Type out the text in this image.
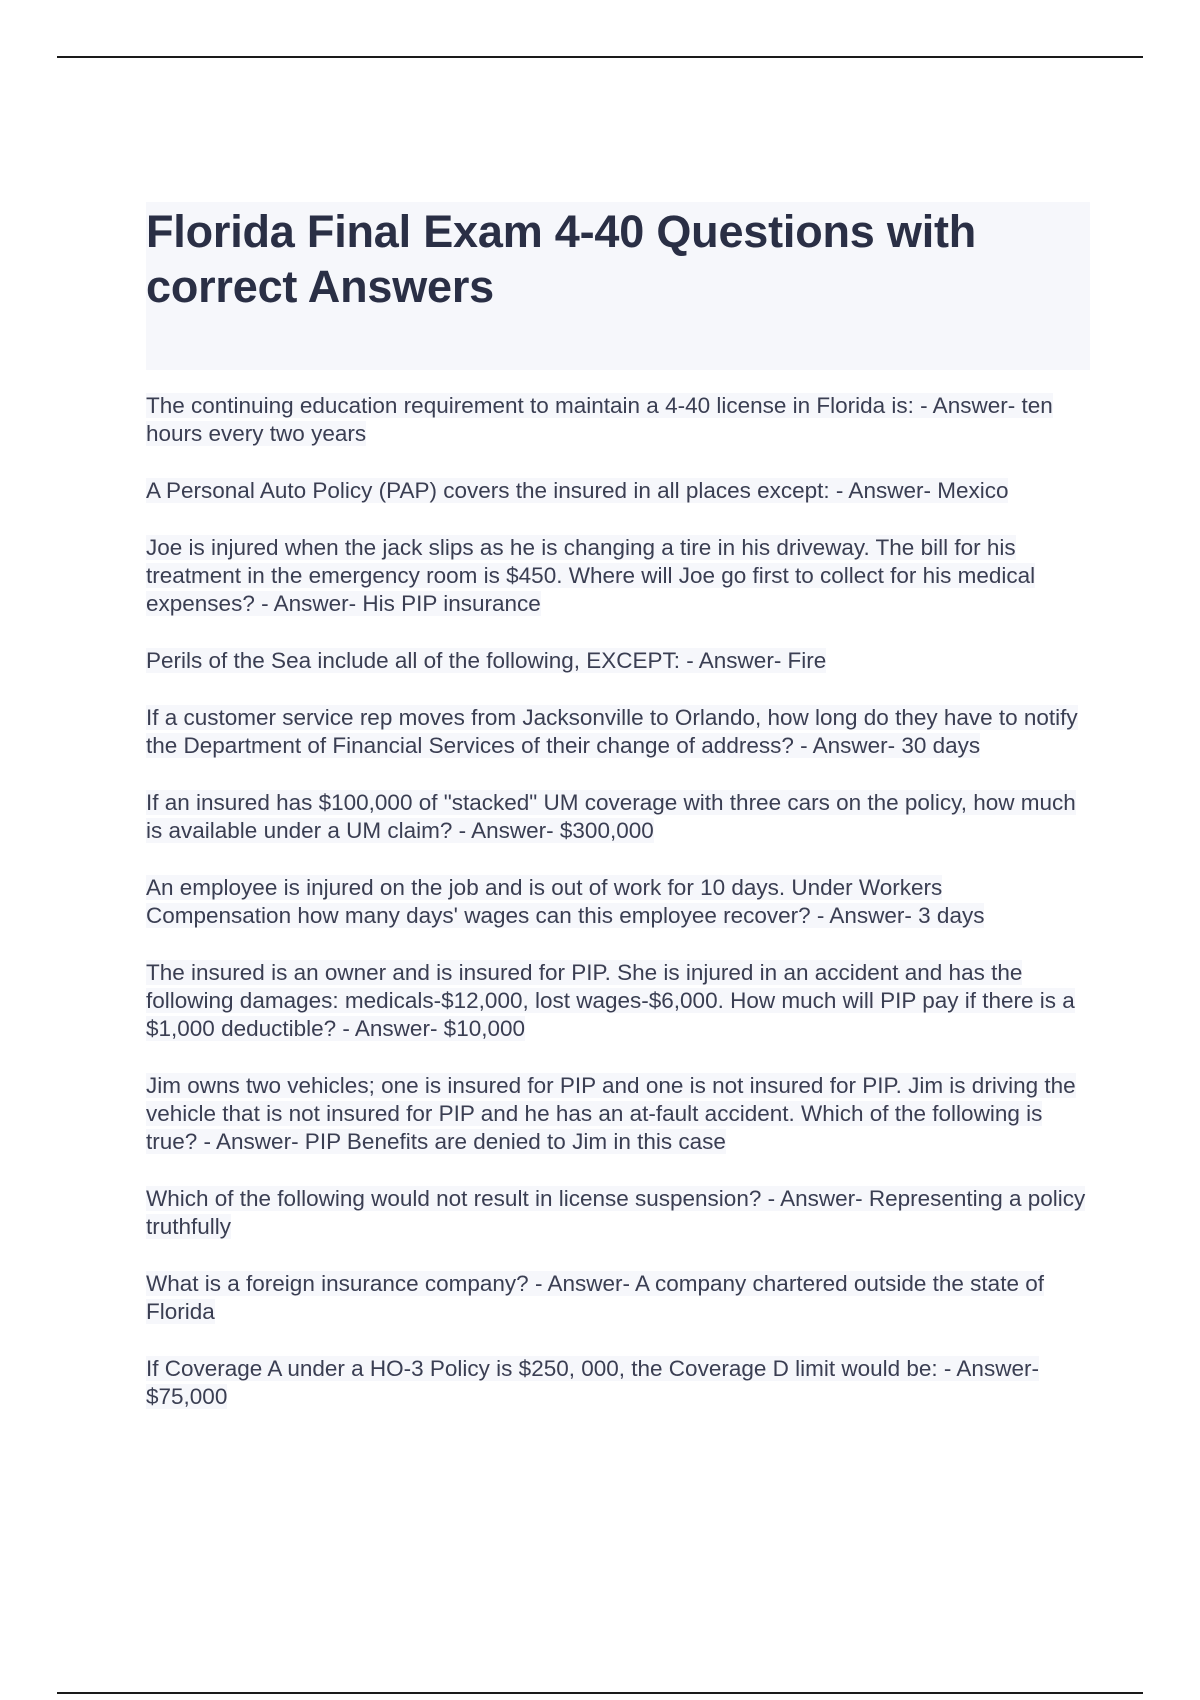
Florida Final Exam 4-40 Questions with correct Answers
The continuing education requirement to maintain a 4-40 license in Florida is: - Answer- ten hours every two years
A Personal Auto Policy (PAP) covers the insured in all places except: - Answer- Mexico
Joe is injured when the jack slips as he is changing a tire in his driveway. The bill for his treatment in the emergency room is $450. Where will Joe go first to collect for his medical expenses? - Answer- His PIP insurance
Perils of the Sea include all of the following, EXCEPT: - Answer- Fire
If a customer service rep moves from Jacksonville to Orlando, how long do they have to notify the Department of Financial Services of their change of address? - Answer- 30 days
If an insured has $100,000 of "stacked" UM coverage with three cars on the policy, how much is available under a UM claim? - Answer- $300,000
An employee is injured on the job and is out of work for 10 days. Under Workers Compensation how many days' wages can this employee recover? - Answer- 3 days
The insured is an owner and is insured for PIP. She is injured in an accident and has the following damages: medicals-$12,000, lost wages-$6,000. How much will PIP pay if there is a $1,000 deductible? - Answer- $10,000
Jim owns two vehicles; one is insured for PIP and one is not insured for PIP. Jim is driving the vehicle that is not insured for PIP and he has an at-fault accident. Which of the following is true? - Answer- PIP Benefits are denied to Jim in this case
Which of the following would not result in license suspension? - Answer- Representing a policy truthfully
What is a foreign insurance company? - Answer- A company chartered outside the state of Florida
If Coverage A under a HO-3 Policy is $250, 000, the Coverage D limit would be: - Answer- $75,000
